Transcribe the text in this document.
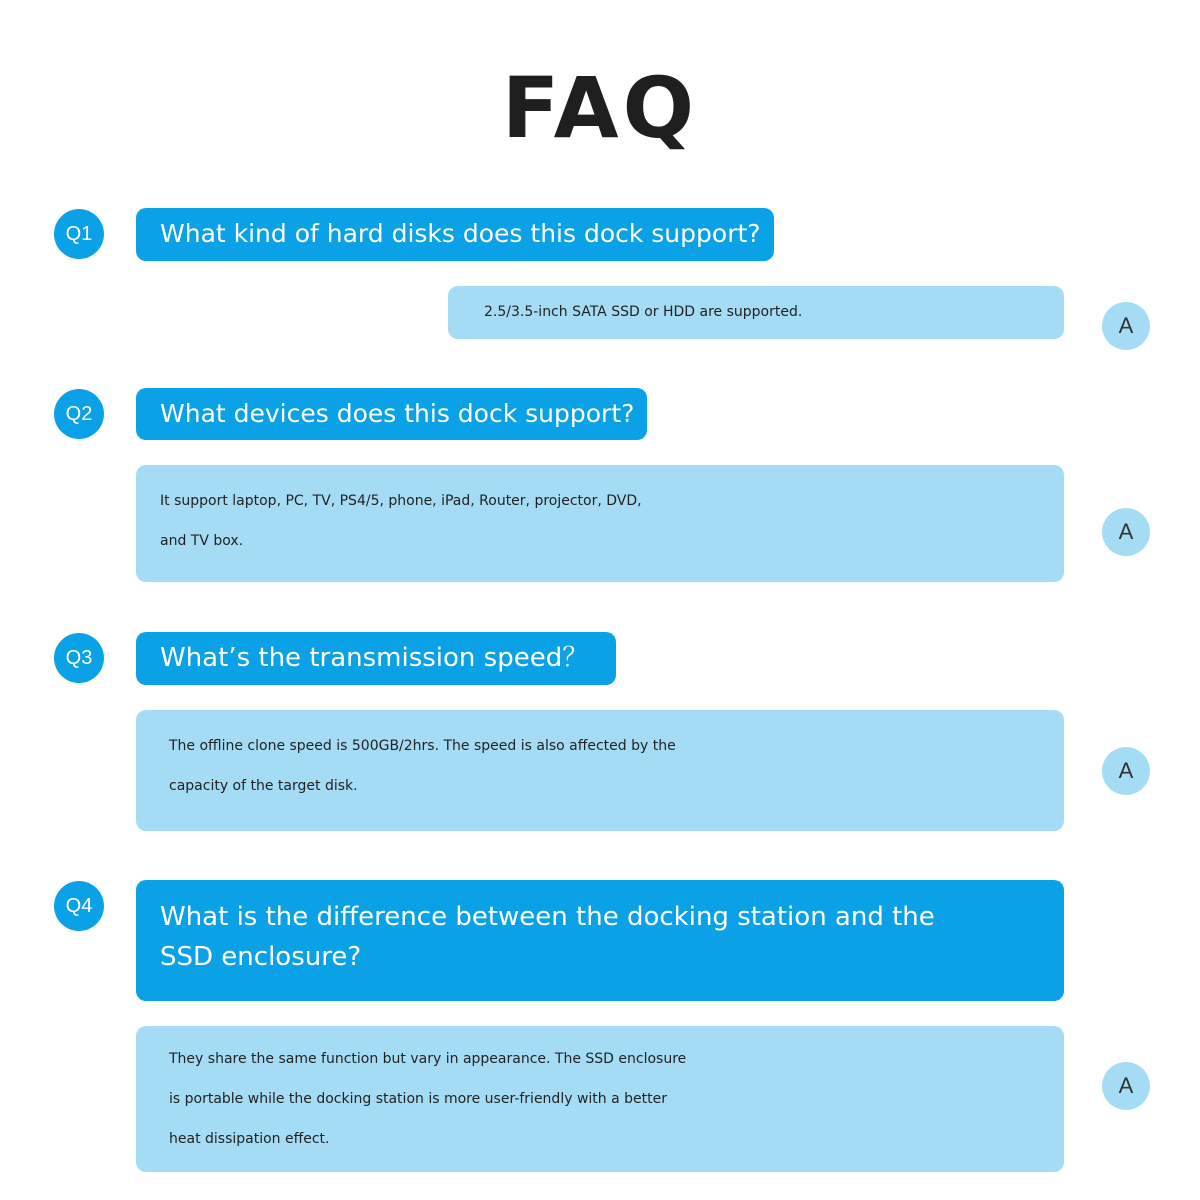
FAQ
Q1	What kind of hard disks does this dock support?
2.5/3.5-inch SATA SSD or HDD are supported.
A
Q2	What devices does this dock support?
It support laptop, PC, TV, PS4/5, phone, iPad, Router, projector, DVD,
and TV box.	A
Q3	What’s the transmission speed？
The offline clone speed is 500GB/2hrs. The speed is also affected by the
capacity of the target disk.
A
Q4	What is the difference between the docking station and the
SSD enclosure?
They share the same function but vary in appearance. The SSD enclosure
is portable while the docking station is more user-friendly with a better
heat dissipation effect.
A
